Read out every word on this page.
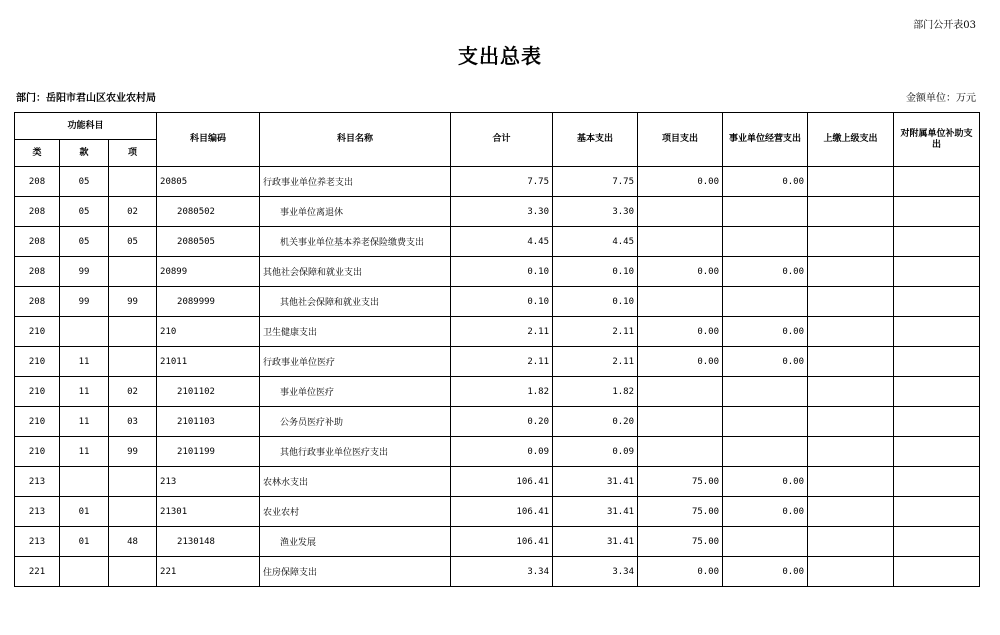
部门公开表03
支出总表
部门：岳阳市君山区农业农村局	金额单位：万元
功能科目			科目编码	科目名称	合计	基本支出	项目支出	事业单位经营支出	上缴上级支出	对附属单位补助支出
类	款	项								
208	05		20805	行政事业单位养老支出	7.75	7.75	0.00	0.00		
208	05	02	2080502	事业单位离退休	3.30	3.30				
208	05	05	2080505	机关事业单位基本养老保险缴费支出	4.45	4.45				
208	99		20899	其他社会保障和就业支出	0.10	0.10	0.00	0.00		
208	99	99	2089999	其他社会保障和就业支出	0.10	0.10				
210			210	卫生健康支出	2.11	2.11	0.00	0.00		
210	11		21011	行政事业单位医疗	2.11	2.11	0.00	0.00		
210	11	02	2101102	事业单位医疗	1.82	1.82				
210	11	03	2101103	公务员医疗补助	0.20	0.20				
210	11	99	2101199	其他行政事业单位医疗支出	0.09	0.09				
213			213	农林水支出	106.41	31.41	75.00	0.00		
213	01		21301	农业农村	106.41	31.41	75.00	0.00		
213	01	48	2130148	渔业发展	106.41	31.41	75.00			
221			221	住房保障支出	3.34	3.34	0.00	0.00		
